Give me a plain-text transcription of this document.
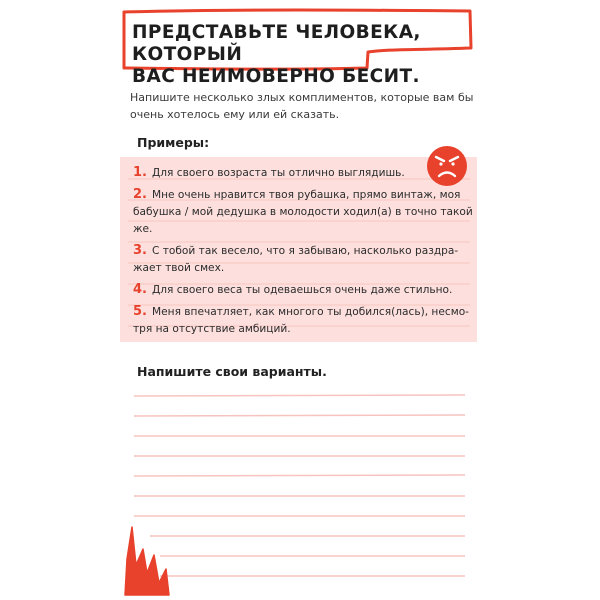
ПРЕДСТАВЬТЕ ЧЕЛОВЕКА, КОТОРЫЙ
ВАС НЕИМОВЕРНО БЕСИТ.
Напишите несколько злых комплиментов, которые вам бы очень хотелось ему или ей сказать.
Примеры:
1. Для своего возраста ты отлично выглядишь.
2. Мне очень нравится твоя рубашка, прямо винтаж, моя бабушка / мой дедушка в молодости ходил(а) в точно такой же.
3. С тобой так весело, что я забываю, насколько раздра-жает твой смех.
4. Для своего веса ты одеваешься очень даже стильно.
5. Меня впечатляет, как многого ты добился(лась), несмо-тря на отсутствие амбиций.
Напишите свои варианты.
